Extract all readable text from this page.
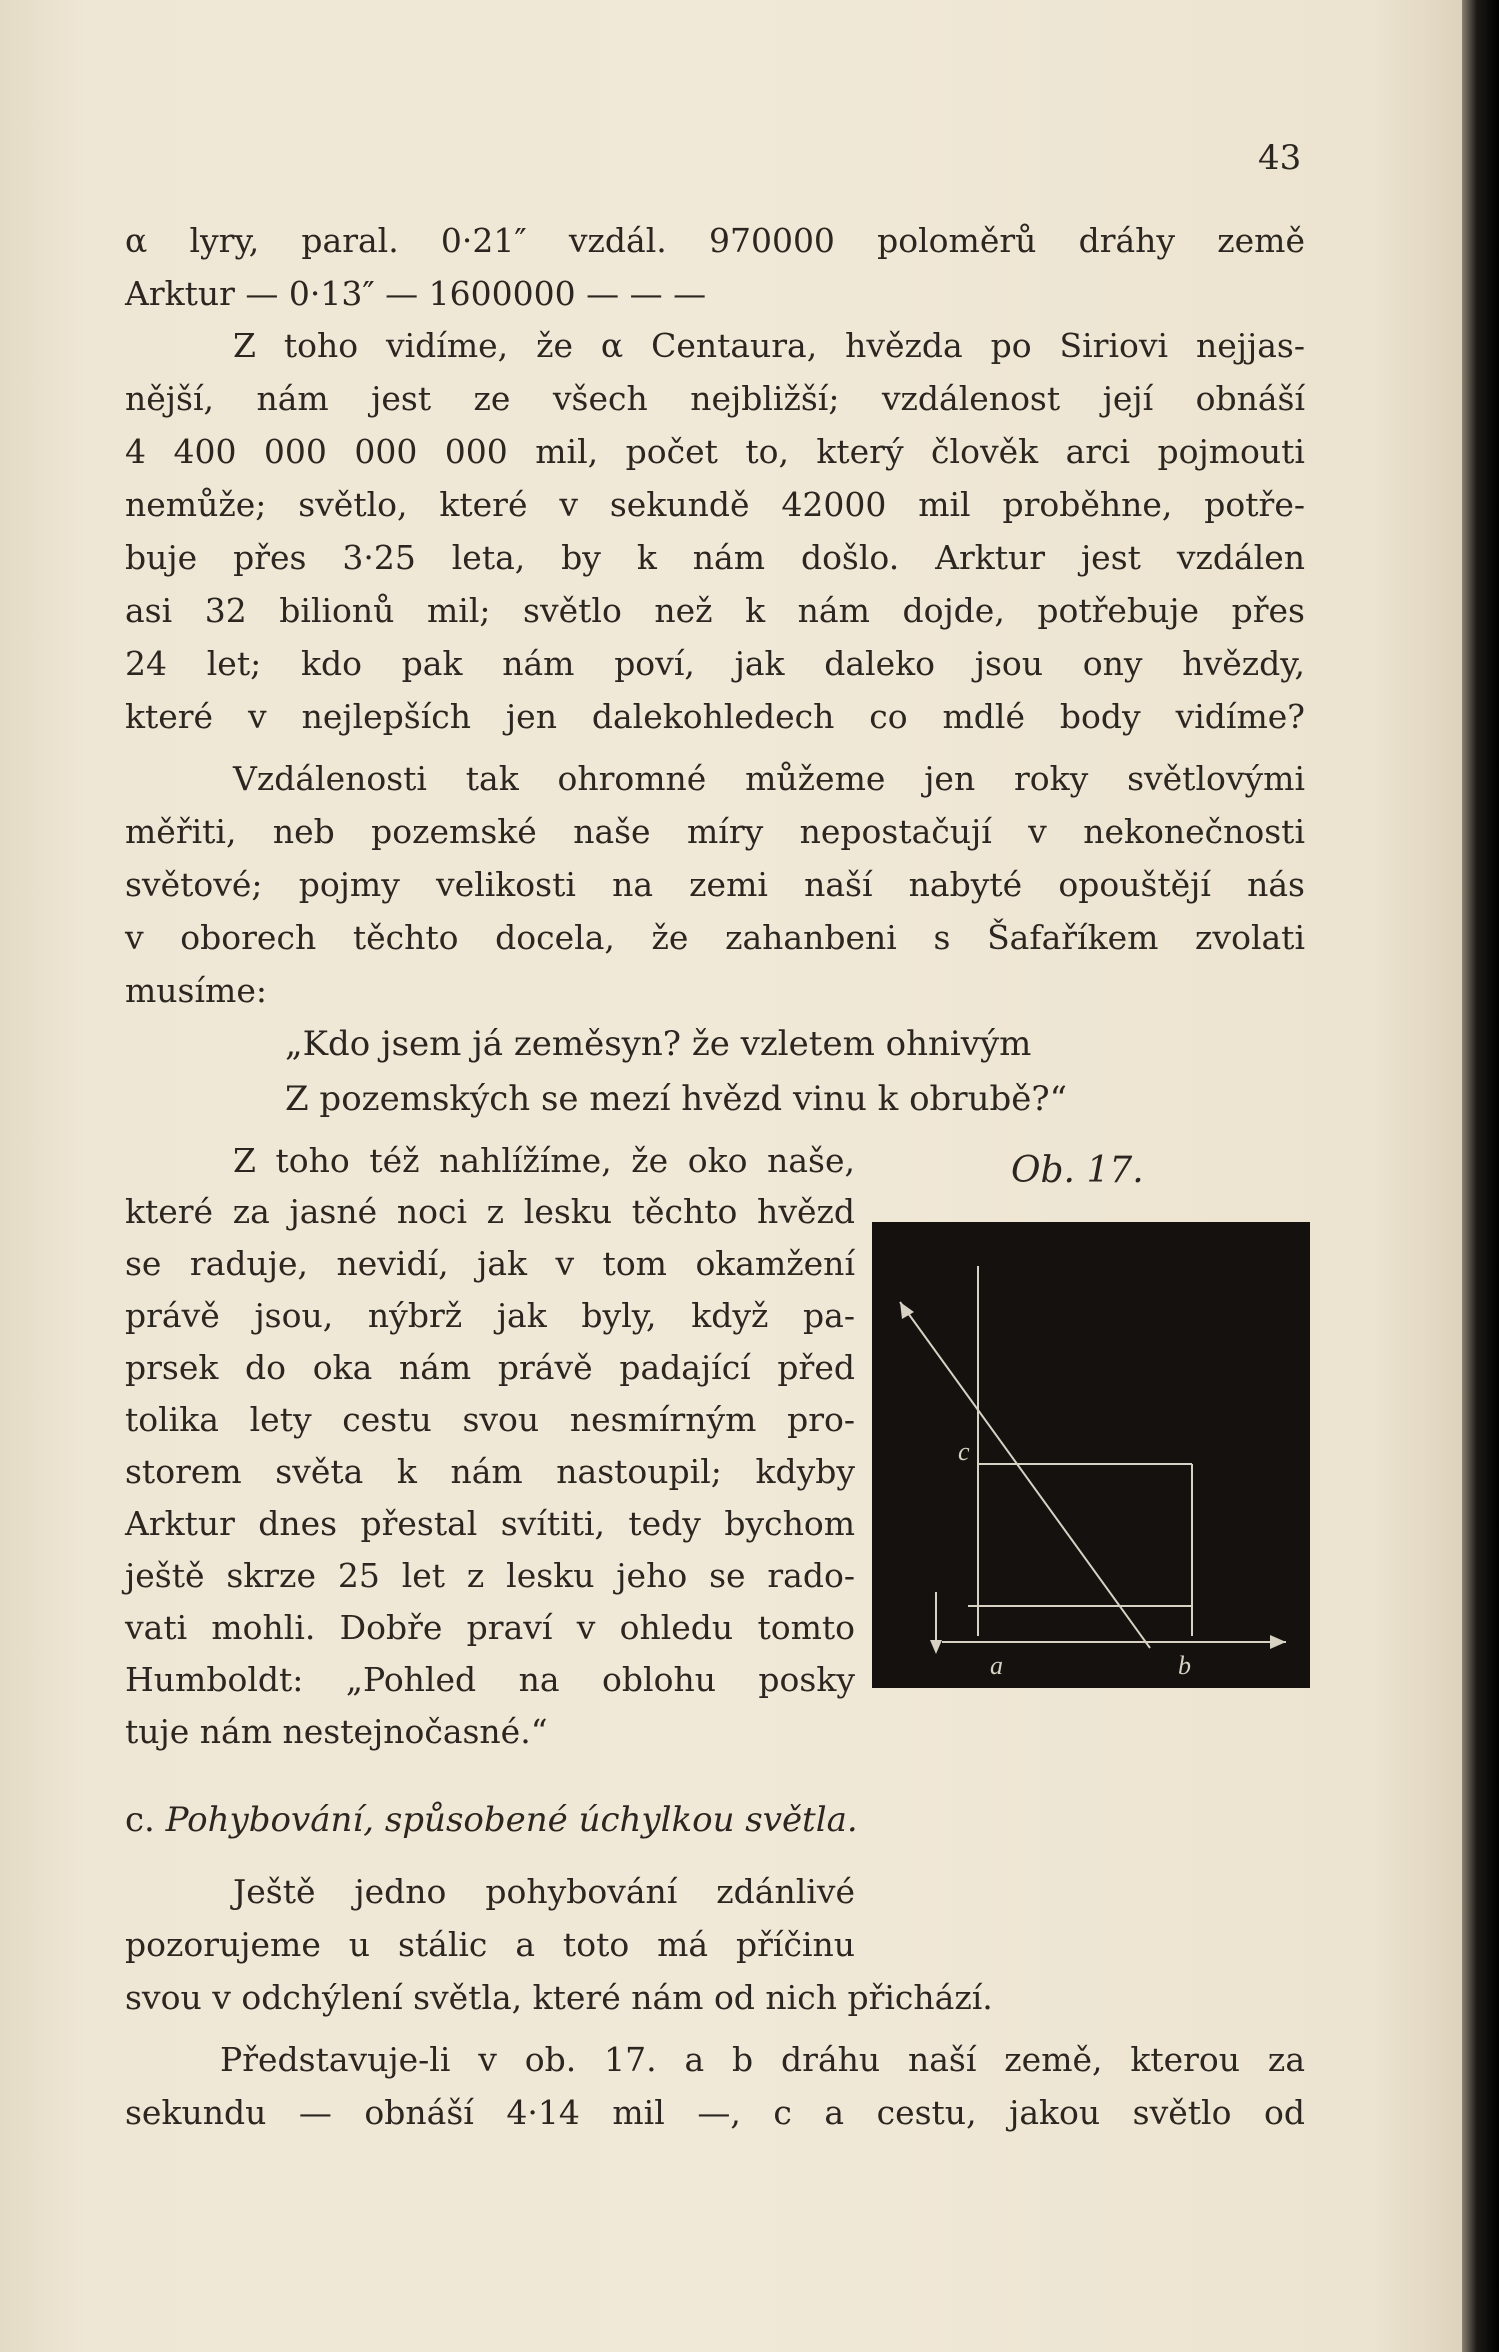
43
α lyry, paral. 0·21″ vzdál. 970000 poloměrů dráhy země
Arktur — 0·13″ — 1600000 — — —
Z toho vidíme, že α Centaura, hvězda po Siriovi nejjas-
nější, nám jest ze všech nejbližší; vzdálenost její obnáší
4 400 000 000 000 mil, počet to, který člověk arci pojmouti
nemůže; světlo, které v sekundě 42000 mil proběhne, potře-
buje přes 3·25 leta, by k nám došlo. Arktur jest vzdálen
asi 32 bilionů mil; světlo než k nám dojde, potřebuje přes
24 let; kdo pak nám poví, jak daleko jsou ony hvězdy,
které v nejlepších jen dalekohledech co mdlé body vidíme?
Vzdálenosti tak ohromné můžeme jen roky světlovými
měřiti, neb pozemské naše míry nepostačují v nekonečnosti
světové; pojmy velikosti na zemi naší nabyté opouštějí nás
v oborech těchto docela, že zahanbeni s Šafaříkem zvolati
musíme:
„Kdo jsem já zeměsyn? že vzletem ohnivým
Z pozemských se mezí hvězd vinu k obrubě?“
Z toho též nahlížíme, že oko naše,
které za jasné noci z lesku těchto hvězd
se raduje, nevidí, jak v tom okamžení
právě jsou, nýbrž jak byly, když pa-
prsek do oka nám právě padající před
tolika lety cestu svou nesmírným pro-
storem světa k nám nastoupil; kdyby
Arktur dnes přestal svítiti, tedy bychom
ještě skrze 25 let z lesku jeho se rado-
vati mohli. Dobře praví v ohledu tomto
Humboldt: „Pohled na oblohu posky
tuje nám nestejnočasné.“
Ob. 17.
c
a	b
c. Pohybování, spůsobené úchylkou světla.
Ještě jedno pohybování zdánlivé
pozorujeme u stálic a toto má příčinu
svou v odchýlení světla, které nám od nich přichází.
Představuje-li v ob. 17. a b dráhu naší země, kterou za
sekundu — obnáší 4·14 mil —, c a cestu, jakou světlo od
